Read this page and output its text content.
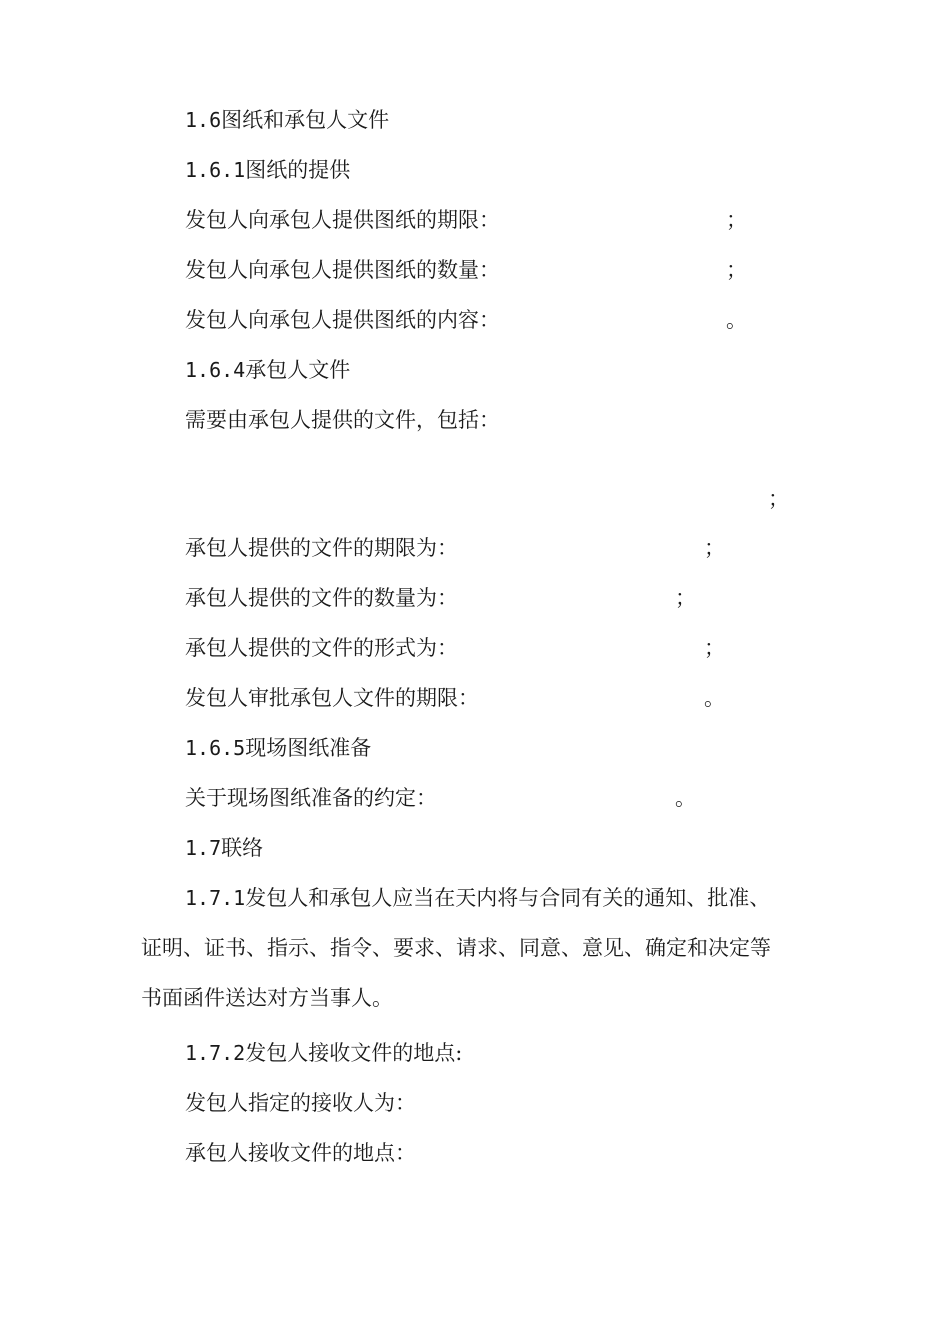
1.6图纸和承包人文件
1.6.1图纸的提供
发包人向承包人提供图纸的期限：	；
发包人向承包人提供图纸的数量：	；
发包人向承包人提供图纸的内容：	。
1.6.4承包人文件
需要由承包人提供的文件，包括：
；
承包人提供的文件的期限为：	；
承包人提供的文件的数量为：	；
承包人提供的文件的形式为：	；
发包人审批承包人文件的期限：	。
1.6.5现场图纸准备
关于现场图纸准备的约定：	。
1.7联络
1.7.1发包人和承包人应当在天内将与合同有关的通知、批准、
证明、证书、指示、指令、要求、请求、同意、意见、确定和决定等
书面函件送达对方当事人。
1.7.2发包人接收文件的地点:
发包人指定的接收人为：
承包人接收文件的地点：
